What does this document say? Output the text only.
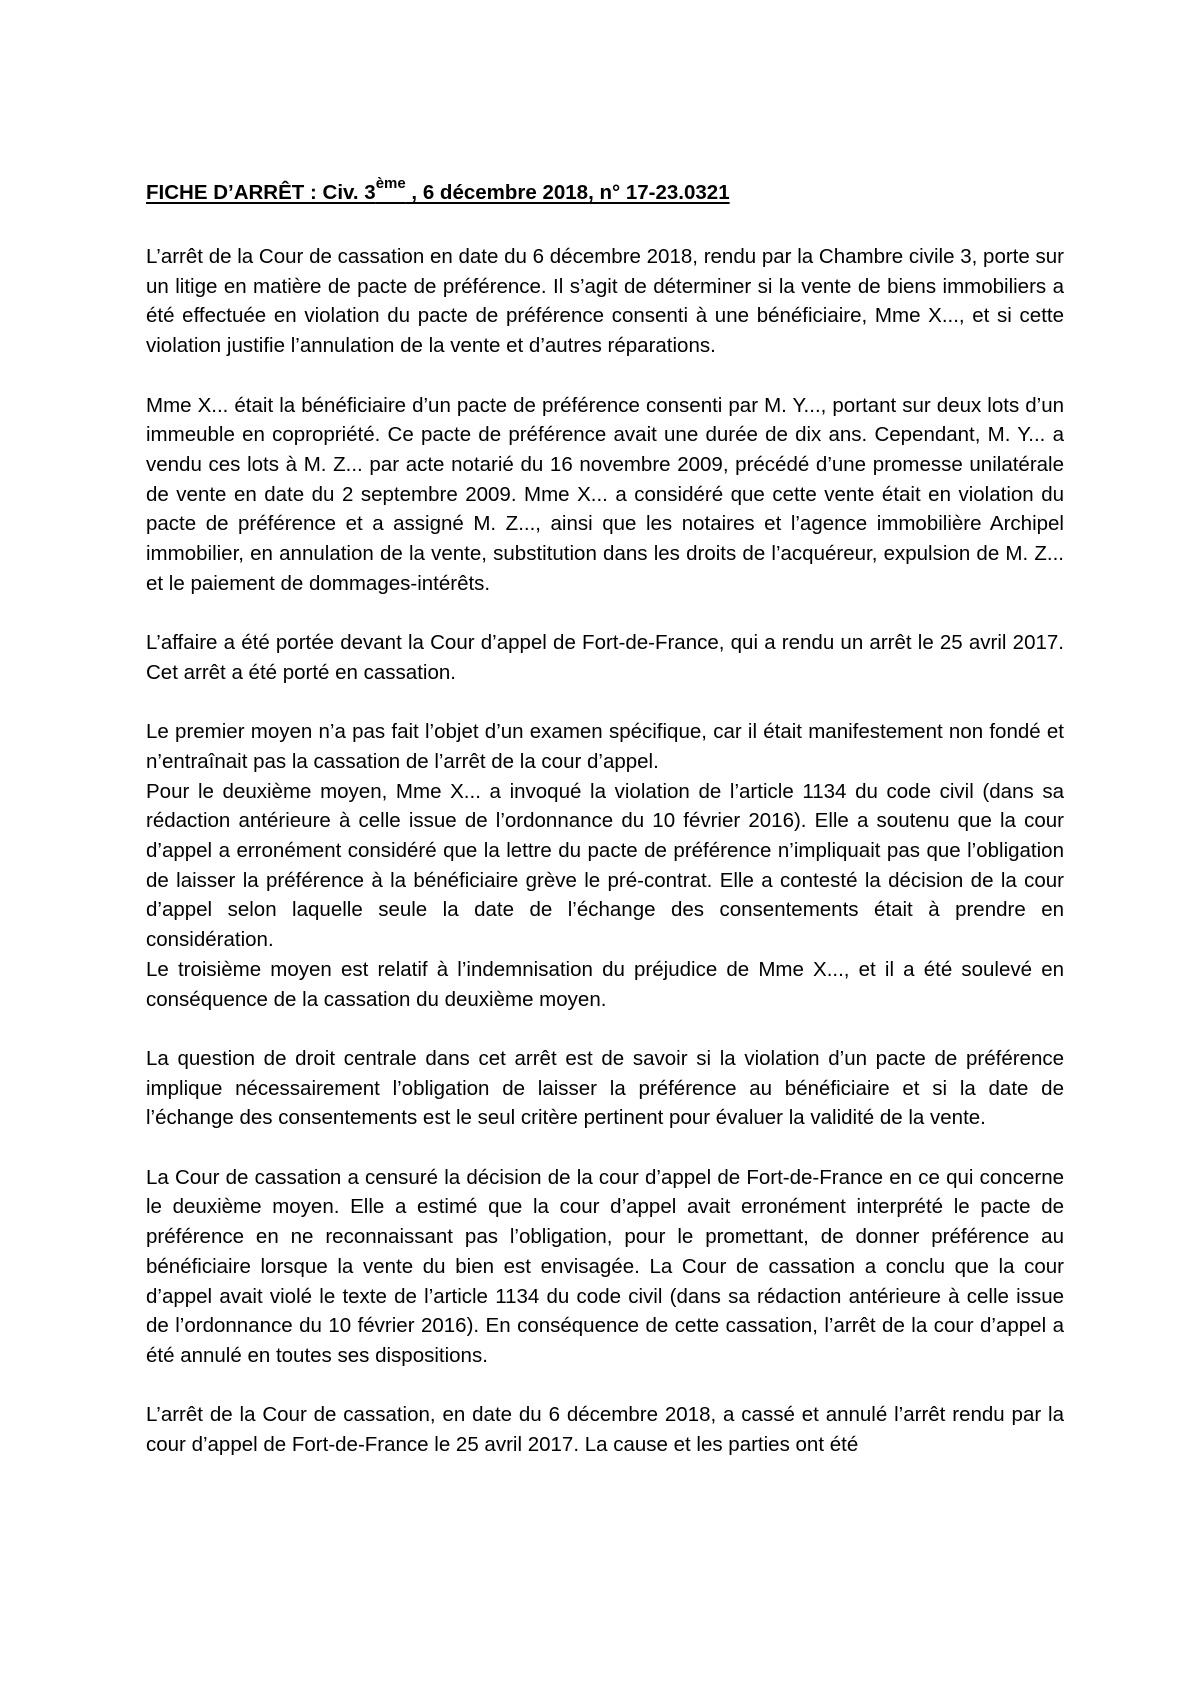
FICHE D’ARRÊT : Civ. 3ème , 6 décembre 2018, n° 17-23.0321

L’arrêt de la Cour de cassation en date du 6 décembre 2018, rendu par la Chambre civile 3, porte sur un litige en matière de pacte de préférence. Il s’agit de déterminer si la vente de biens immobiliers a été effectuée en violation du pacte de préférence consenti à une bénéficiaire, Mme X..., et si cette violation justifie l’annulation de la vente et d’autres réparations.

Mme X... était la bénéficiaire d’un pacte de préférence consenti par M. Y..., portant sur deux lots d’un immeuble en copropriété. Ce pacte de préférence avait une durée de dix ans. Cependant, M. Y... a vendu ces lots à M. Z... par acte notarié du 16 novembre 2009, précédé d’une promesse unilatérale de vente en date du 2 septembre 2009. Mme X... a considéré que cette vente était en violation du pacte de préférence et a assigné M. Z..., ainsi que les notaires et l’agence immobilière Archipel immobilier, en annulation de la vente, substitution dans les droits de l’acquéreur, expulsion de M. Z... et le paiement de dommages-intérêts.

L’affaire a été portée devant la Cour d’appel de Fort-de-France, qui a rendu un arrêt le 25 avril 2017. Cet arrêt a été porté en cassation.

Le premier moyen n’a pas fait l’objet d’un examen spécifique, car il était manifestement non fondé et n’entraînait pas la cassation de l’arrêt de la cour d’appel.

Pour le deuxième moyen, Mme X... a invoqué la violation de l’article 1134 du code civil (dans sa rédaction antérieure à celle issue de l’ordonnance du 10 février 2016). Elle a soutenu que la cour d’appel a erronément considéré que la lettre du pacte de préférence n’impliquait pas que l’obligation de laisser la préférence à la bénéficiaire grève le pré-contrat. Elle a contesté la décision de la cour d’appel selon laquelle seule la date de l’échange des consentements était à prendre en considération.

Le troisième moyen est relatif à l’indemnisation du préjudice de Mme X..., et il a été soulevé en conséquence de la cassation du deuxième moyen.

La question de droit centrale dans cet arrêt est de savoir si la violation d’un pacte de préférence implique nécessairement l’obligation de laisser la préférence au bénéficiaire et si la date de l’échange des consentements est le seul critère pertinent pour évaluer la validité de la vente.

La Cour de cassation a censuré la décision de la cour d’appel de Fort-de-France en ce qui concerne le deuxième moyen. Elle a estimé que la cour d’appel avait erronément interprété le pacte de préférence en ne reconnaissant pas l’obligation, pour le promettant, de donner préférence au bénéficiaire lorsque la vente du bien est envisagée. La Cour de cassation a conclu que la cour d’appel avait violé le texte de l’article 1134 du code civil (dans sa rédaction antérieure à celle issue de l’ordonnance du 10 février 2016). En conséquence de cette cassation, l’arrêt de la cour d’appel a été annulé en toutes ses dispositions.

L’arrêt de la Cour de cassation, en date du 6 décembre 2018, a cassé et annulé l’arrêt rendu par la cour d’appel de Fort-de-France le 25 avril 2017. La cause et les parties ont été
